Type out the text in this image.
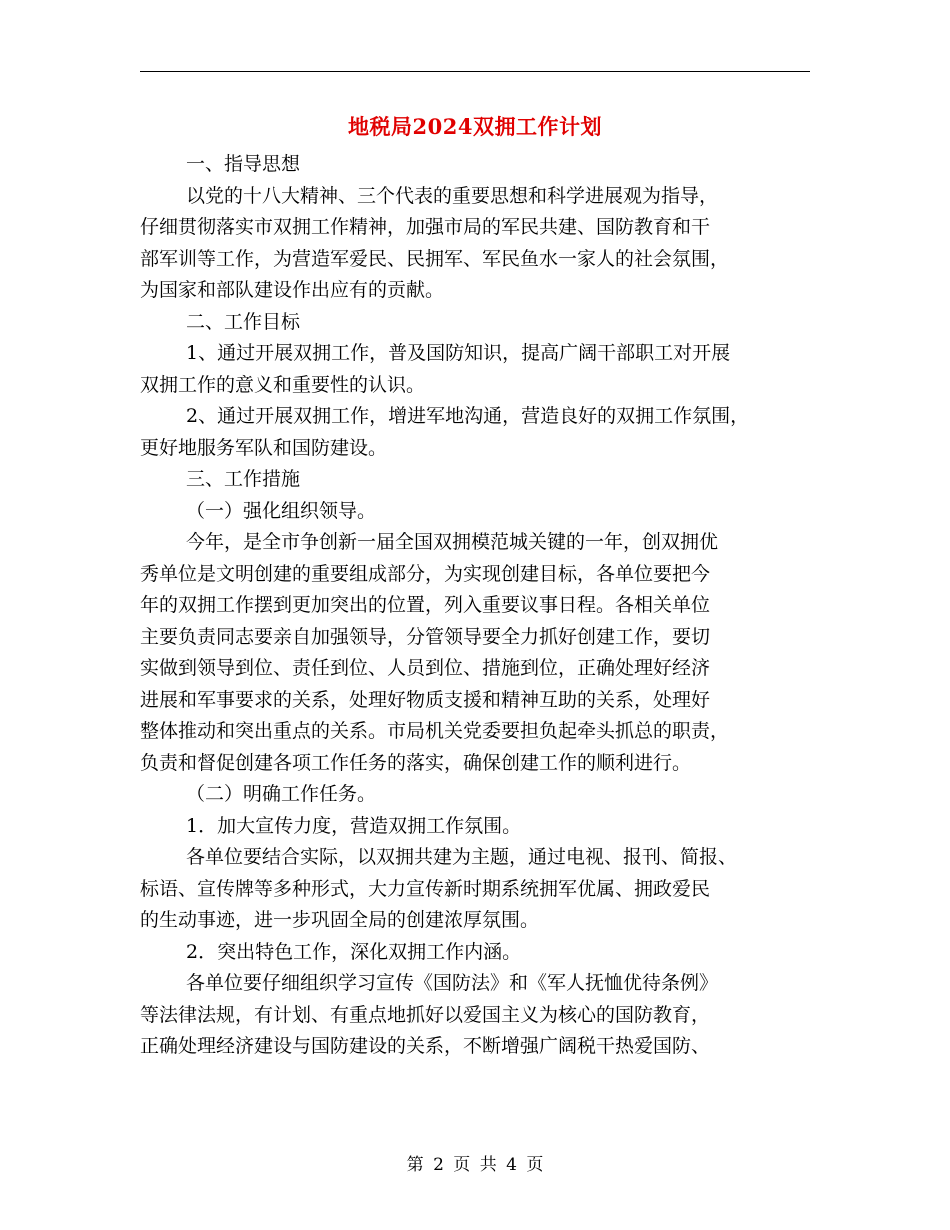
地税局2024双拥工作计划

一、指导思想

以党的十八大精神、三个代表的重要思想和科学进展观为指导，

仔细贯彻落实市双拥工作精神，加强市局的军民共建、国防教育和干

部军训等工作，为营造军爱民、民拥军、军民鱼水一家人的社会氛围，

为国家和部队建设作出应有的贡献。

二、工作目标

1、通过开展双拥工作，普及国防知识，提高广阔干部职工对开展

双拥工作的意义和重要性的认识。

2、通过开展双拥工作，增进军地沟通，营造良好的双拥工作氛围，

更好地服务军队和国防建设。

三、工作措施

（一）强化组织领导。

今年，是全市争创新一届全国双拥模范城关键的一年，创双拥优

秀单位是文明创建的重要组成部分，为实现创建目标，各单位要把今

年的双拥工作摆到更加突出的位置，列入重要议事日程。各相关单位

主要负责同志要亲自加强领导，分管领导要全力抓好创建工作，要切

实做到领导到位、责任到位、人员到位、措施到位，正确处理好经济

进展和军事要求的关系，处理好物质支援和精神互助的关系，处理好

整体推动和突出重点的关系。市局机关党委要担负起牵头抓总的职责，

负责和督促创建各项工作任务的落实，确保创建工作的顺利进行。

（二）明确工作任务。

1．加大宣传力度，营造双拥工作氛围。

各单位要结合实际，以双拥共建为主题，通过电视、报刊、简报、

标语、宣传牌等多种形式，大力宣传新时期系统拥军优属、拥政爱民

的生动事迹，进一步巩固全局的创建浓厚氛围。

2．突出特色工作，深化双拥工作内涵。

各单位要仔细组织学习宣传《国防法》和《军人抚恤优待条例》

等法律法规，有计划、有重点地抓好以爱国主义为核心的国防教育，

正确处理经济建设与国防建设的关系，不断增强广阔税干热爱国防、

第 2 页 共 4 页
